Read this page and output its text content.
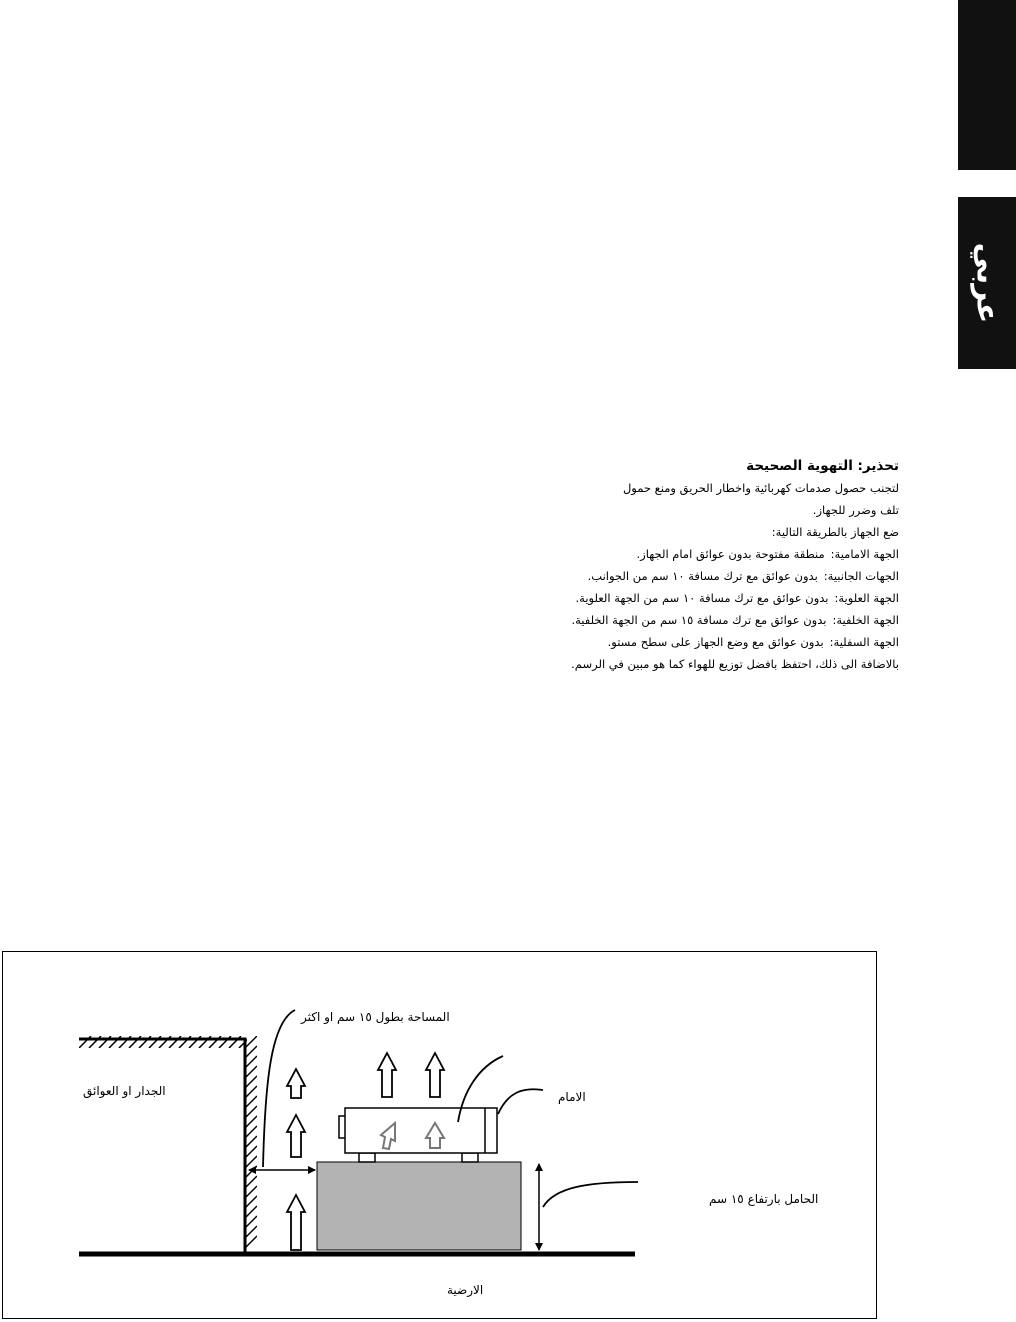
عربي
تحذير: التهوية الصحيحة
لتجنب حصول صدمات كهربائية واخطار الحريق ومنع حمول
تلف وضرر للجهاز.
ضع الجهاز بالطريقة التالية:
الجهة الامامية:منطقة مفتوحة بدون عوائق امام الجهاز.
الجهات الجانبية:بدون عوائق مع ترك مسافة ١٠ سم من الجوانب.
الجهة العلوية:بدون عوائق مع ترك مسافة ١٠ سم من الجهة العلوية.
الجهة الخلفية:بدون عوائق مع ترك مسافة ١٥ سم من الجهة الخلفية.
الجهة السفلية:بدون عوائق مع وضع الجهاز على سطح مستو.
بالاضافة الى ذلك، احتفظ بافضل توزيع للهواء كما هو مبين في الرسم.
المساحة بطول ١٥ سم او اكثر
الجدار او العوائق	الامام
الحامل بارتفاع ١٥ سم
الارضية
